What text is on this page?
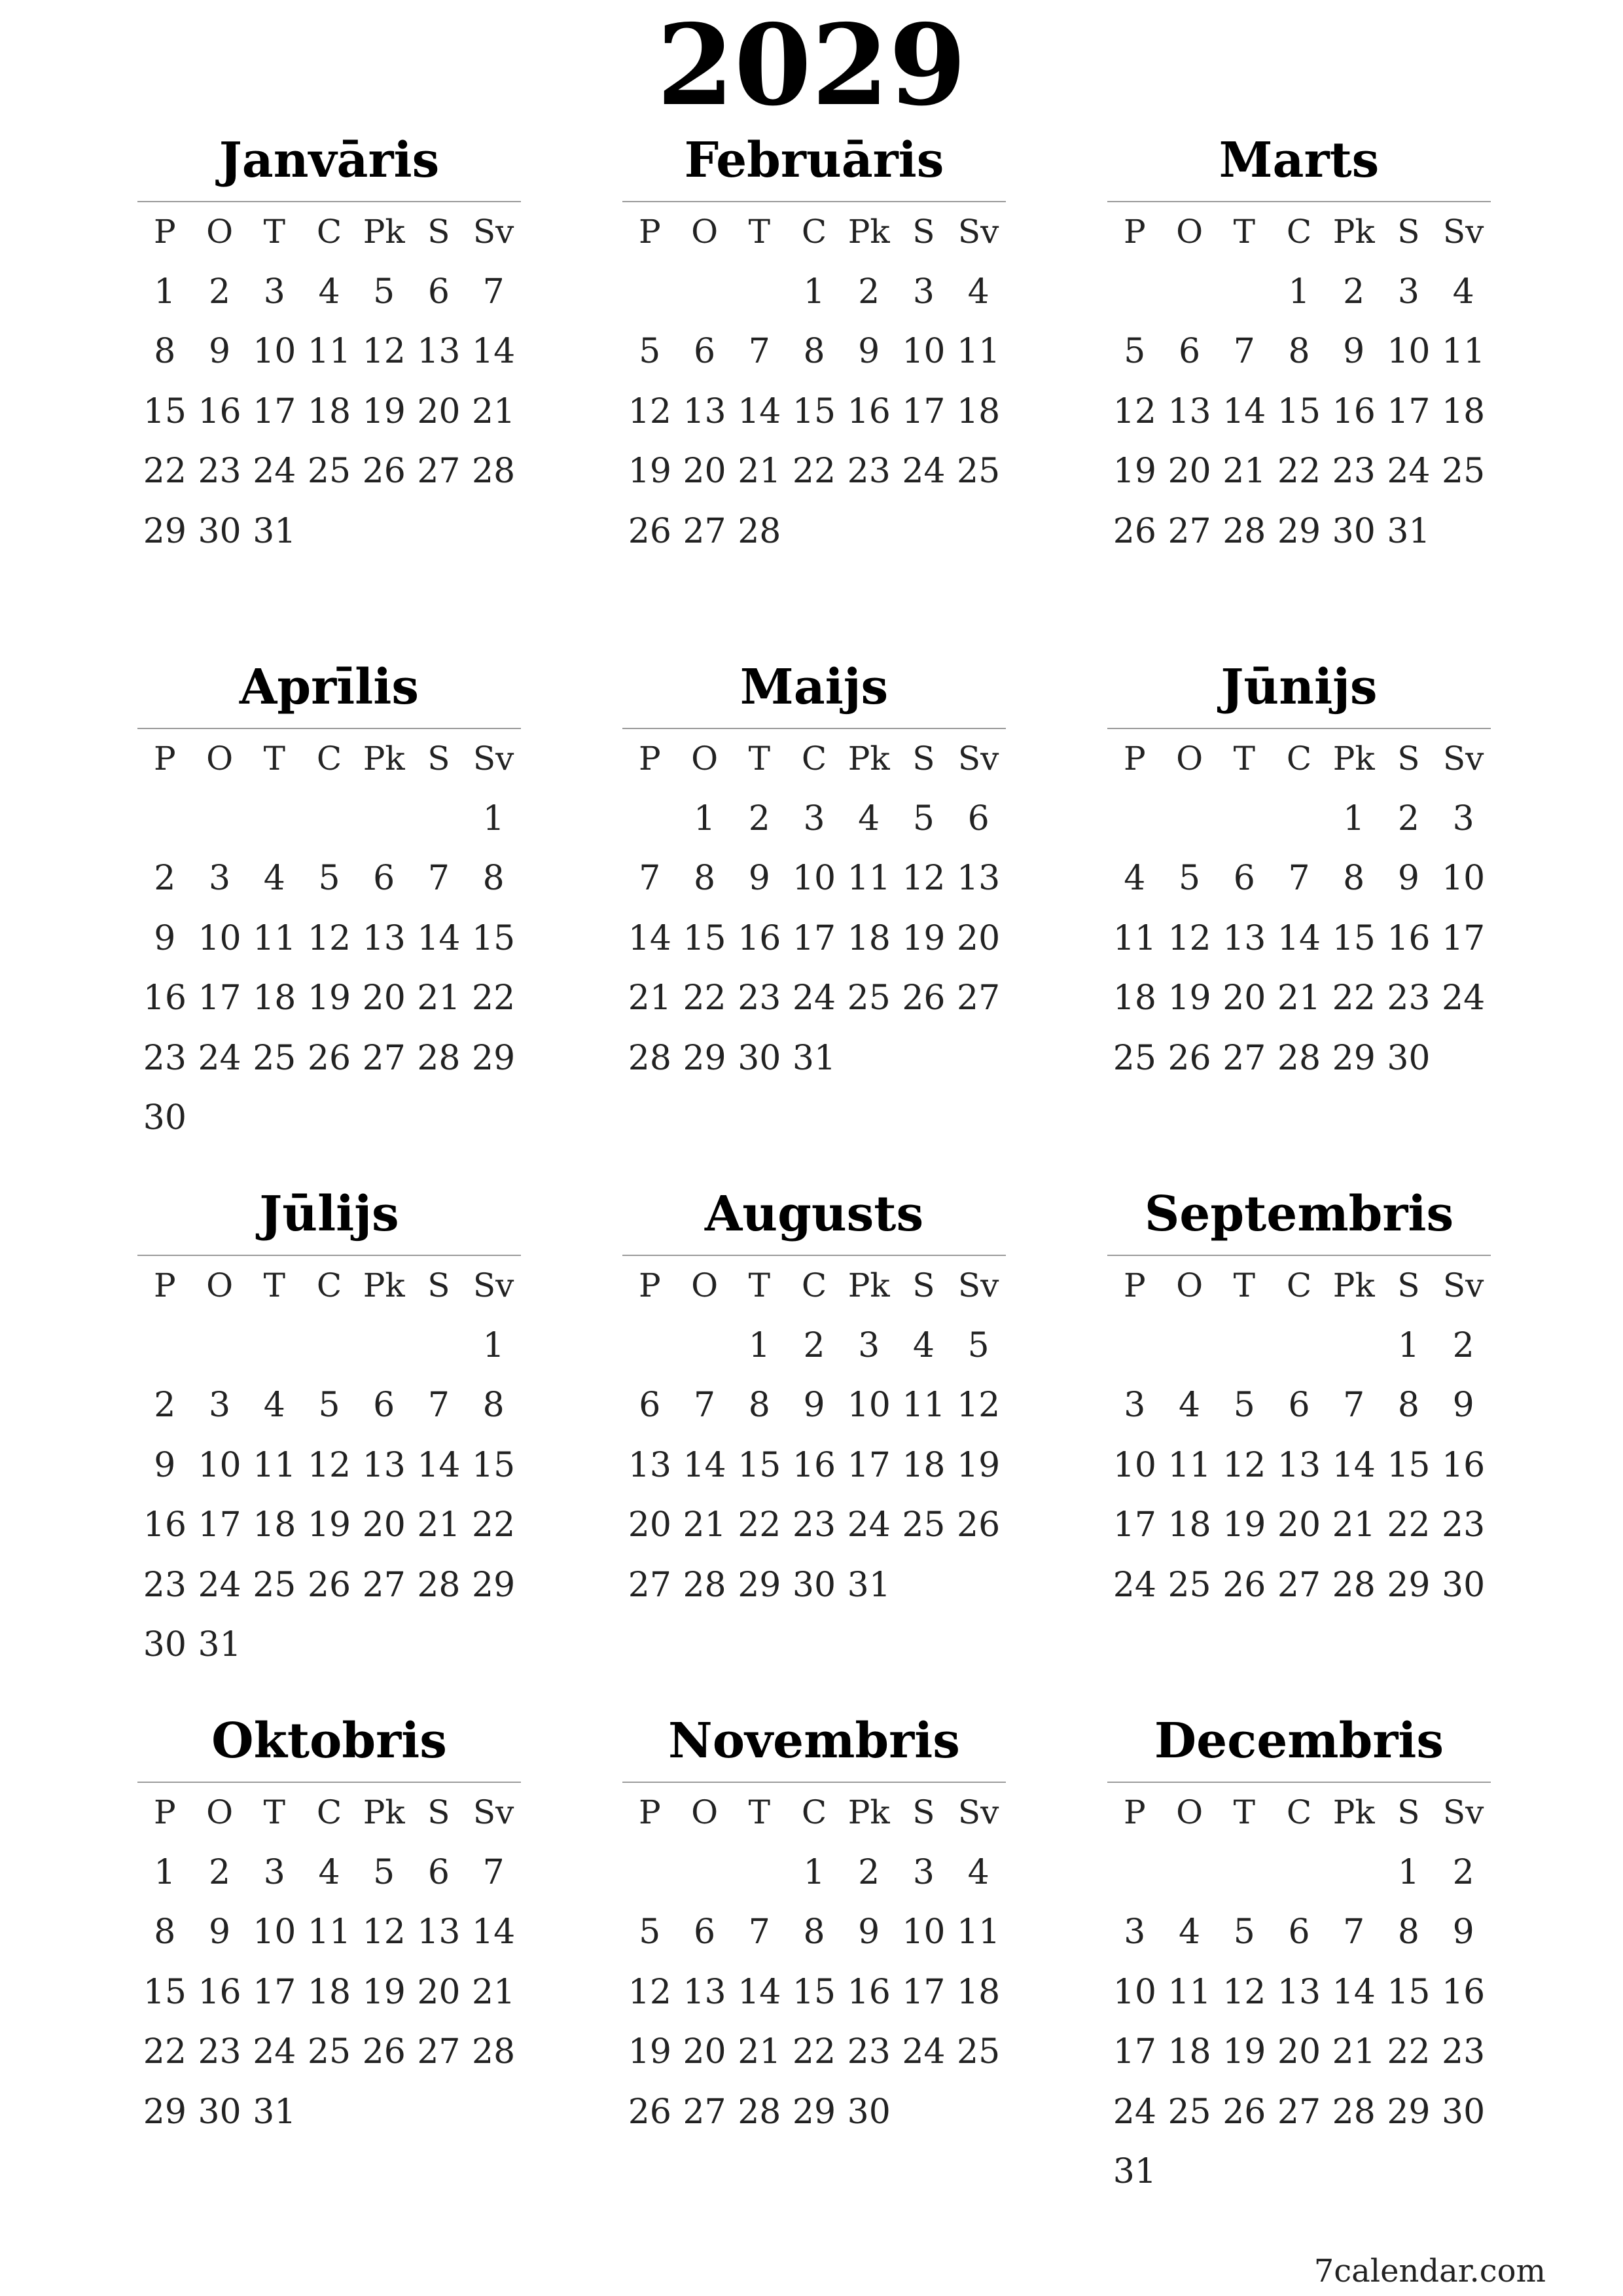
2029
Janvāris
P O T C Pk S Sv
1 2 3 4 5 6 7
8 9 10 11 12 13 14
15 16 17 18 19 20 21
22 23 24 25 26 27 28
29 30 31
Februāris
P O T C Pk S Sv
1 2 3 4
5 6 7 8 9 10 11
12 13 14 15 16 17 18
19 20 21 22 23 24 25
26 27 28
Marts
P O T C Pk S Sv
1 2 3 4
5 6 7 8 9 10 11
12 13 14 15 16 17 18
19 20 21 22 23 24 25
26 27 28 29 30 31
Aprīlis
P O T C Pk S Sv
1
2 3 4 5 6 7 8
9 10 11 12 13 14 15
16 17 18 19 20 21 22
23 24 25 26 27 28 29
30
Maijs
P O T C Pk S Sv
1 2 3 4 5 6
7 8 9 10 11 12 13
14 15 16 17 18 19 20
21 22 23 24 25 26 27
28 29 30 31
Jūnijs
P O T C Pk S Sv
1 2 3
4 5 6 7 8 9 10
11 12 13 14 15 16 17
18 19 20 21 22 23 24
25 26 27 28 29 30
Jūlijs
P O T C Pk S Sv
1
2 3 4 5 6 7 8
9 10 11 12 13 14 15
16 17 18 19 20 21 22
23 24 25 26 27 28 29
30 31
Augusts
P O T C Pk S Sv
1 2 3 4 5
6 7 8 9 10 11 12
13 14 15 16 17 18 19
20 21 22 23 24 25 26
27 28 29 30 31
Septembris
P O T C Pk S Sv
1 2
3 4 5 6 7 8 9
10 11 12 13 14 15 16
17 18 19 20 21 22 23
24 25 26 27 28 29 30
Oktobris
P O T C Pk S Sv
1 2 3 4 5 6 7
8 9 10 11 12 13 14
15 16 17 18 19 20 21
22 23 24 25 26 27 28
29 30 31
Novembris
P O T C Pk S Sv
1 2 3 4
5 6 7 8 9 10 11
12 13 14 15 16 17 18
19 20 21 22 23 24 25
26 27 28 29 30
Decembris
P O T C Pk S Sv
1 2
3 4 5 6 7 8 9
10 11 12 13 14 15 16
17 18 19 20 21 22 23
24 25 26 27 28 29 30
31
7calendar.com
